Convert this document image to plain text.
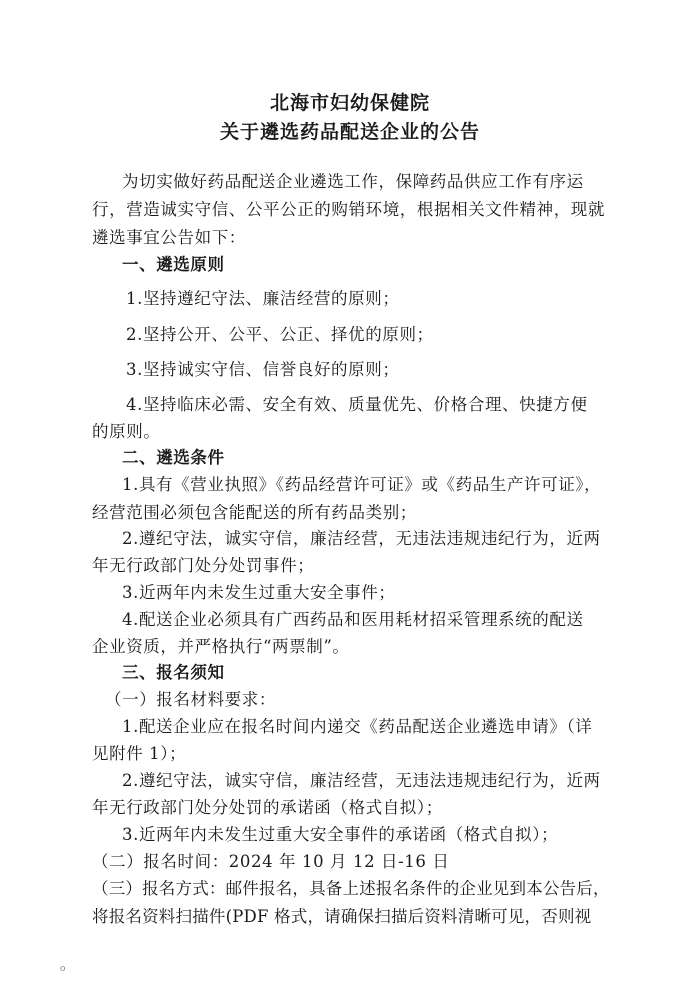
北海市妇幼保健院
关于遴选药品配送企业的公告
为切实做好药品配送企业遴选工作，保障药品供应工作有序运
行，营造诚实守信、公平公正的购销环境，根据相关文件精神，现就
遴选事宜公告如下：
一、遴选原则
1.坚持遵纪守法、廉洁经营的原则；
2.坚持公开、公平、公正、择优的原则；
3.坚持诚实守信、信誉良好的原则；
4.坚持临床必需、安全有效、质量优先、价格合理、快捷方便
的原则。
二、遴选条件
1.具有《营业执照》《药品经营许可证》或《药品生产许可证》，
经营范围必须包含能配送的所有药品类别；
2.遵纪守法，诚实守信，廉洁经营，无违法违规违纪行为，近两
年无行政部门处分处罚事件；
3.近两年内未发生过重大安全事件；
4.配送企业必须具有广西药品和医用耗材招采管理系统的配送
企业资质，并严格执行“两票制”。
三、报名须知
（一）报名材料要求：
1.配送企业应在报名时间内递交《药品配送企业遴选申请》（详
见附件 1）；
2.遵纪守法，诚实守信，廉洁经营，无违法违规违纪行为，近两
年无行政部门处分处罚的承诺函（格式自拟）；
3.近两年内未发生过重大安全事件的承诺函（格式自拟）；
（二）报名时间：2024 年 10 月 12 日-16 日
（三）报名方式：邮件报名，具备上述报名条件的企业见到本公告后，
将报名资料扫描件(PDF 格式，请确保扫描后资料清晰可见，否则视
o
